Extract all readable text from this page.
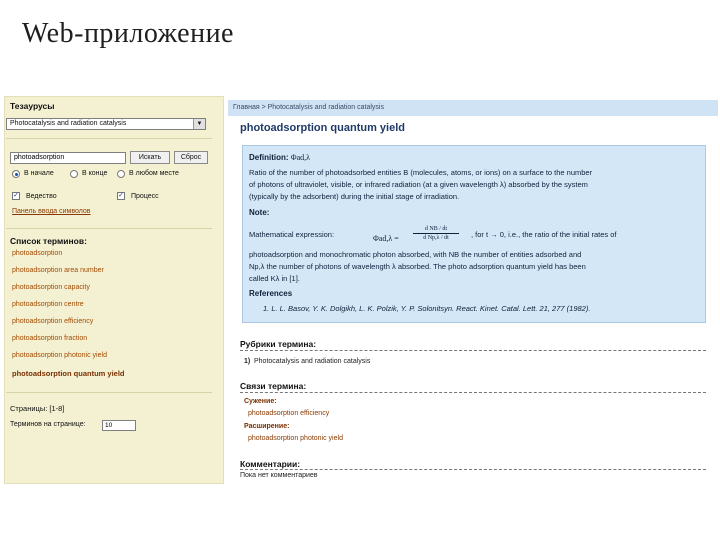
Web-приложение
Тезаурусы
Photocatalysis and radiation catalysis	▼
photoadsorption	Искать	Сброс
В начале	В конце	В любом месте
✓ Ведество	✓ Процесс
Панель ввода символов
Список терминов:
photoadsorption
photoadsorption area number
photoadsorption capacity
photoadsorption centre
photoadsorption efficiency
photoadsorption fraction
photoadsorption photonic yield
photoadsorption quantum yield
Страницы: [1-8]
Терминов на странице:	10
Главная > Photocatalysis and radiation catalysis
photoadsorption quantum yield
Definition: Φad,λ
Ratio of the number of photoadsorbed entities B (molecules, atoms, or ions) on a surface to the number
of photons of ultraviolet, visible, or infrared radiation (at a given wavelength λ) absorbed by the system
(typically by the adsorbent) during the initial stage of irradiation.
Note:
Mathematical expression:	Φad,λ =
d NB / dt
d Np,λ / dt	, for t → 0, i.e., the ratio of the initial rates of
photoadsorption and monochromatic photon absorbed, with NB the number of entities adsorbed and
Np,λ the number of photons of wavelength λ absorbed. The photo adsorption quantum yield has been
called Kλ in [1].
References
1. L. L. Basov, Y. K. Dolgikh, L. K. Polzik, Y. P. Solonitsyn. React. Kinet. Catal. Lett. 21, 277 (1982).
Рубрики термина:
1) Photocatalysis and radiation catalysis
Связи термина:
Сужение:
photoadsorption efficiency
Расширение:
photoadsorption photonic yield
Комментарии:
Пока нет комментариев
